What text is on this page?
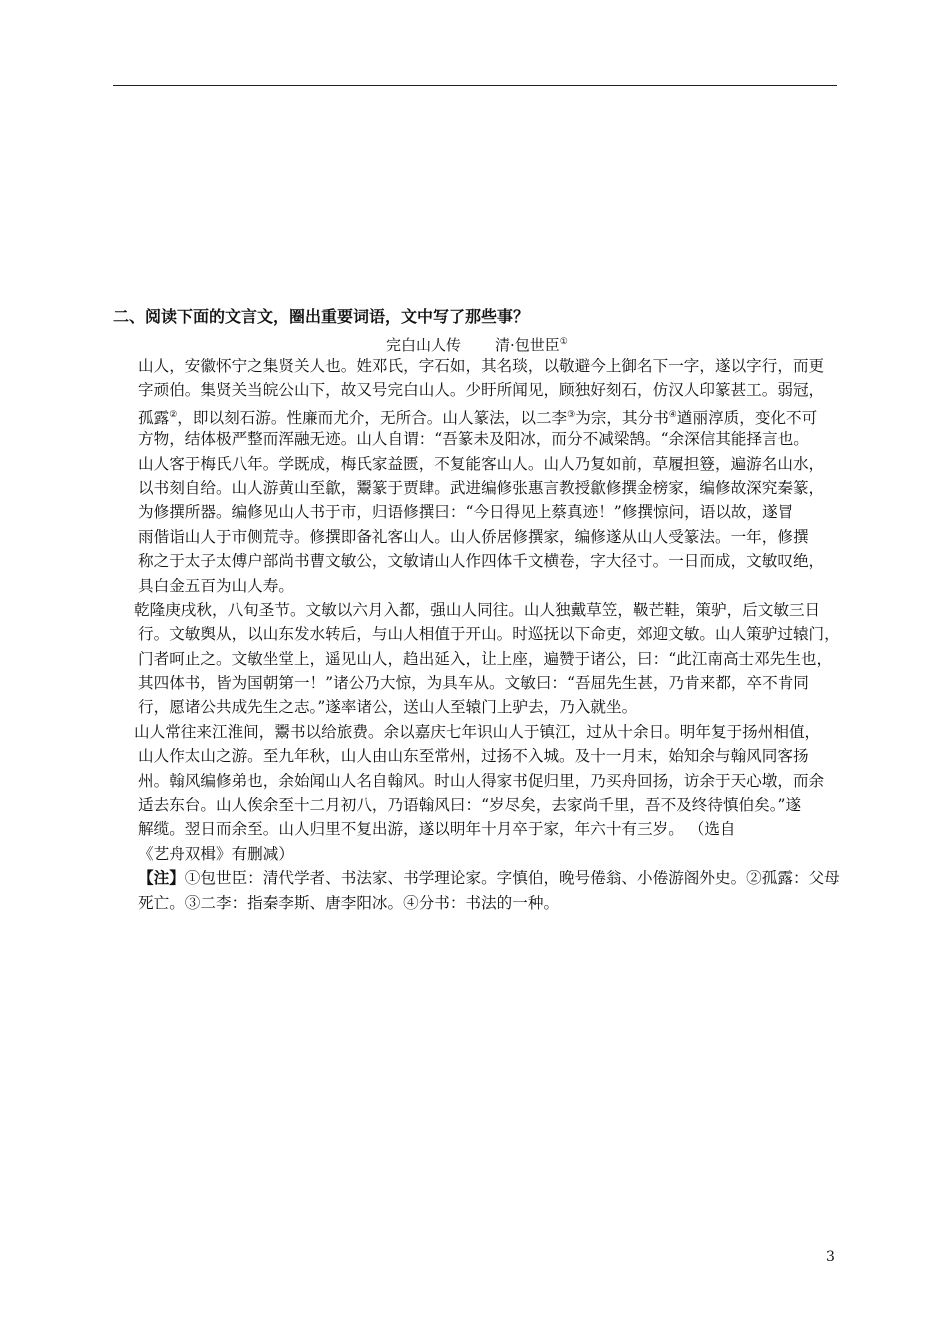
二、阅读下面的文言文，圈出重要词语，文中写了那些事？
完白山人传 清·包世臣①
山人，安徽怀宁之集贤关人也。姓邓氏，字石如，其名琰，以敬避今上御名下一字，遂以字行，而更
字顽伯。集贤关当皖公山下，故又号完白山人。少盱所闻见，顾独好刻石，仿汉人印篆甚工。弱冠，
孤露②，即以刻石游。性廉而尤介，无所合。山人篆法，以二李③为宗，其分书④遒丽淳质，变化不可
方物，结体极严整而浑融无迹。山人自谓：“吾篆未及阳冰，而分不减梁鹄。“余深信其能择言也。
山人客于梅氏八年。学既成，梅氏家益匮，不复能客山人。山人乃复如前，草履担簦，遍游名山水，
以书刻自给。山人游黄山至歙，鬻篆于贾肆。武进编修张惠言教授歙修撰金榜家，编修故深究秦篆，
为修撰所器。编修见山人书于市，归语修撰曰：“今日得见上蔡真迹！”修撰惊问，语以故，遂冒
雨偕诣山人于市侧荒寺。修撰即备礼客山人。山人侨居修撰家，编修遂从山人受篆法。一年，修撰
称之于太子太傅户部尚书曹文敏公，文敏请山人作四体千文横卷，字大径寸。一日而成，文敏叹绝，
具白金五百为山人寿。
乾隆庚戌秋，八旬圣节。文敏以六月入都，强山人同往。山人独戴草笠，靸芒鞋，策驴，后文敏三日
行。文敏舆从，以山东发水转后，与山人相值于开山。时巡抚以下命吏，郊迎文敏。山人策驴过辕门，
门者呵止之。文敏坐堂上，遥见山人，趋出延入，让上座，遍赞于诸公，曰：“此江南高士邓先生也，
其四体书，皆为国朝第一！”诸公乃大惊，为具车从。文敏曰：“吾屈先生甚，乃肯来都，卒不肯同
行，愿诸公共成先生之志。”遂率诸公，送山人至辕门上驴去，乃入就坐。
山人常往来江淮间，鬻书以给旅费。余以嘉庆七年识山人于镇江，过从十余日。明年复于扬州相值，
山人作太山之游。至九年秋，山人由山东至常州，过扬不入城。及十一月末，始知余与翰风同客扬
州。翰风编修弟也，余始闻山人名自翰风。时山人得家书促归里，乃买舟回扬，访余于天心墩，而余
适去东台。山人俟余至十二月初八，乃语翰风曰：“岁尽矣，去家尚千里，吾不及终待慎伯矣。”遂
解缆。翌日而余至。山人归里不复出游，遂以明年十月卒于家，年六十有三岁。 （选自
《艺舟双楫》有删减）
【注】①包世臣：清代学者、书法家、书学理论家。字慎伯，晚号倦翁、小倦游阁外史。②孤露：父母
死亡。③二李：指秦李斯、唐李阳冰。④分书：书法的一种。
3
